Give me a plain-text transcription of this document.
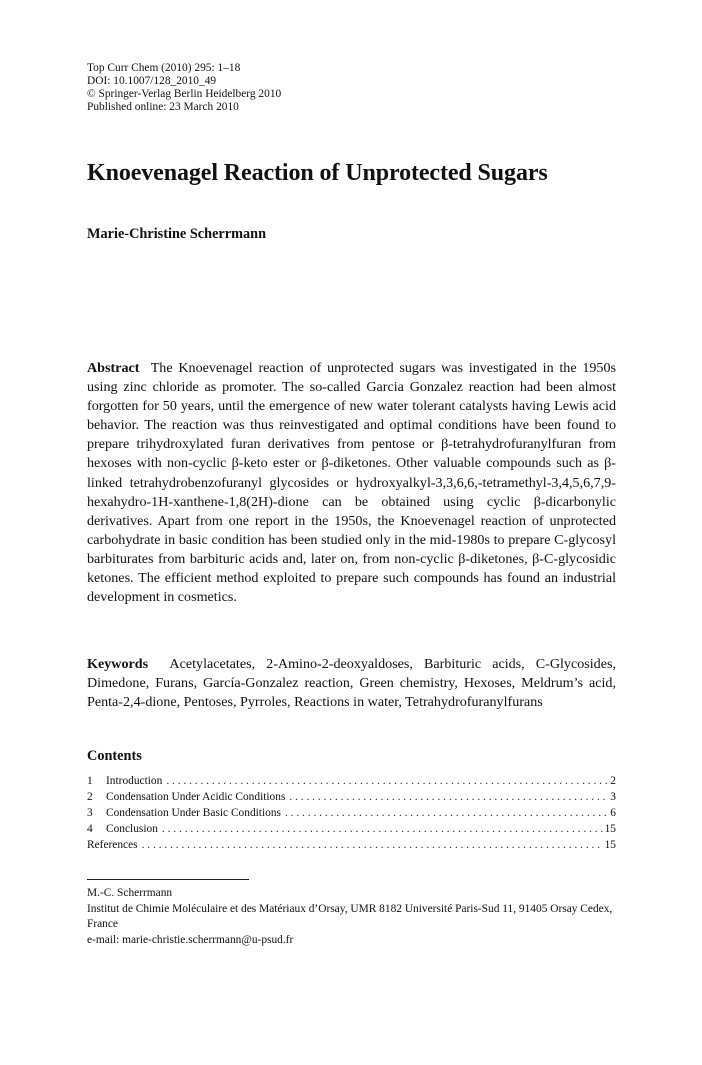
Top Curr Chem (2010) 295: 1–18
DOI: 10.1007/128_2010_49
© Springer-Verlag Berlin Heidelberg 2010
Published online: 23 March 2010
Knoevenagel Reaction of Unprotected Sugars
Marie-Christine Scherrmann
Abstract The Knoevenagel reaction of unprotected sugars was investigated in the 1950s using zinc chloride as promoter. The so-called Garcia Gonzalez reaction had been almost forgotten for 50 years, until the emergence of new water tolerant catalysts having Lewis acid behavior. The reaction was thus reinvestigated and optimal conditions have been found to prepare trihydroxylated furan derivatives from pentose or β-tetrahydrofuranylfuran from hexoses with non-cyclic β-keto ester or β-diketones. Other valuable compounds such as β-linked tetrahydrobenzofuranyl glycosides or hydroxyalkyl-3,3,6,6,-tetramethyl-3,4,5,6,7,9-hexahydro-1H-xanthene-1,8(2H)-dione can be obtained using cyclic β-dicarbonylic derivatives. Apart from one report in the 1950s, the Knoevenagel reaction of unprotected carbohydrate in basic condition has been studied only in the mid-1980s to prepare C-glycosyl barbiturates from barbituric acids and, later on, from non-cyclic β-diketones, β-C-glycosidic ketones. The efficient method exploited to prepare such compounds has found an industrial development in cosmetics.
Keywords Acetylacetates, 2-Amino-2-deoxyaldoses, Barbituric acids, C-Glycosides, Dimedone, Furans, García-Gonzalez reaction, Green chemistry, Hexoses, Meldrum’s acid, Penta-2,4-dione, Pentoses, Pyrroles, Reactions in water, Tetrahydrofuranylfurans
Contents
1	Introduction . . .	2
2	Condensation Under Acidic Conditions . . .	3
3	Condensation Under Basic Conditions . . .	6
4	Conclusion . . .	15
References . . .	15
M.-C. Scherrmann
Institut de Chimie Moléculaire et des Matériaux d’Orsay, UMR 8182 Université Paris-Sud 11, 91405 Orsay Cedex, France
e-mail: marie-christie.scherrmann@u-psud.fr
